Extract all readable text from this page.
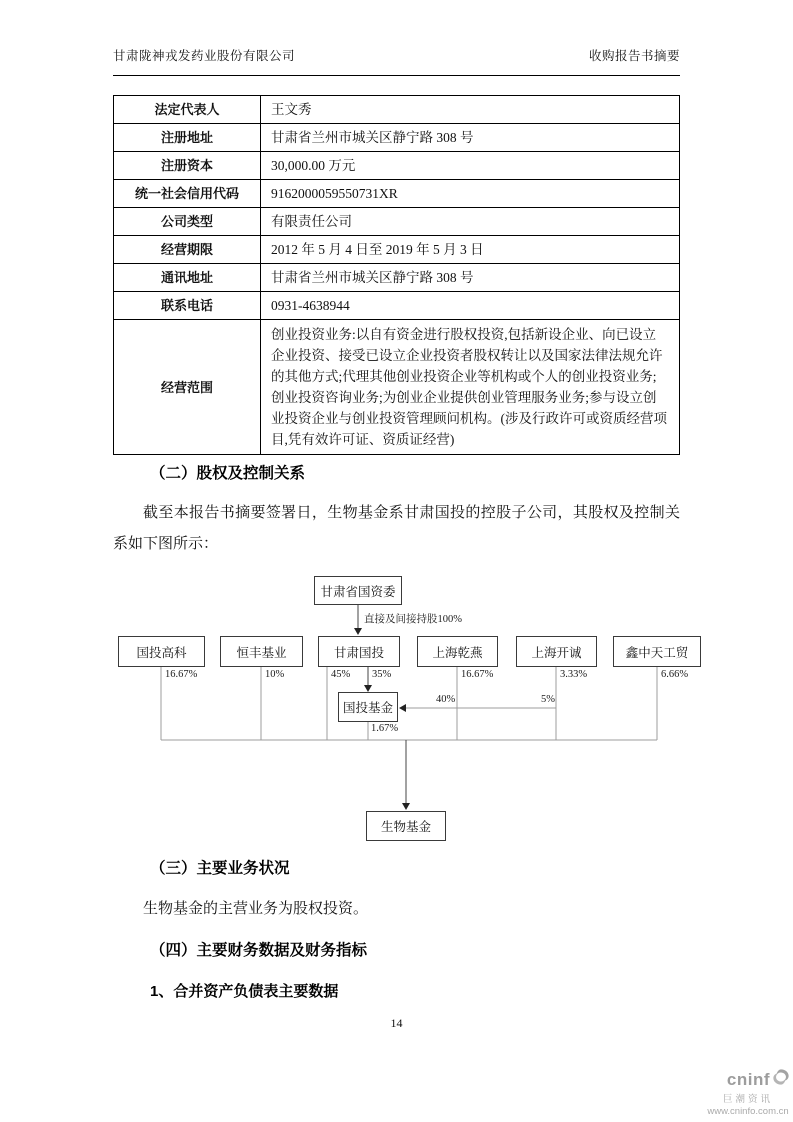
甘肃陇神戎发药业股份有限公司	收购报告书摘要
法定代表人	王文秀
注册地址	甘肃省兰州市城关区静宁路 308 号
注册资本	30,000.00 万元
统一社会信用代码	9162000059550731XR
公司类型	有限责任公司
经营期限	2012 年 5 月 4 日至 2019 年 5 月 3 日
通讯地址	甘肃省兰州市城关区静宁路 308 号
联系电话	0931-4638944
经营范围	创业投资业务:以自有资金进行股权投资,包括新设企业、向已设立企业投资、接受已设立企业投资者股权转让以及国家法律法规允许的其他方式;代理其他创业投资企业等机构或个人的创业投资业务;创业投资咨询业务;为创业企业提供创业管理服务业务;参与设立创业投资企业与创业投资管理顾问机构。(涉及行政许可或资质经营项目,凭有效许可证、资质证经营)
（二）股权及控制关系
截至本报告书摘要签署日，生物基金系甘肃国投的控股子公司，其股权及控制关系如下图所示：
甘肃省国资委
直接及间接持股100%
国投高科	恒丰基业	甘肃国投	上海乾燕	上海开诚	鑫中天工贸
16.67%	10%	45% 35%	16.67%	3.33%	6.66%
国投基金
40%	5%
1.67%
生物基金
（三）主要业务状况
生物基金的主营业务为股权投资。
（四）主要财务数据及财务指标
1、合并资产负债表主要数据
14
cninf
巨潮资讯
www.cninfo.com.cn
